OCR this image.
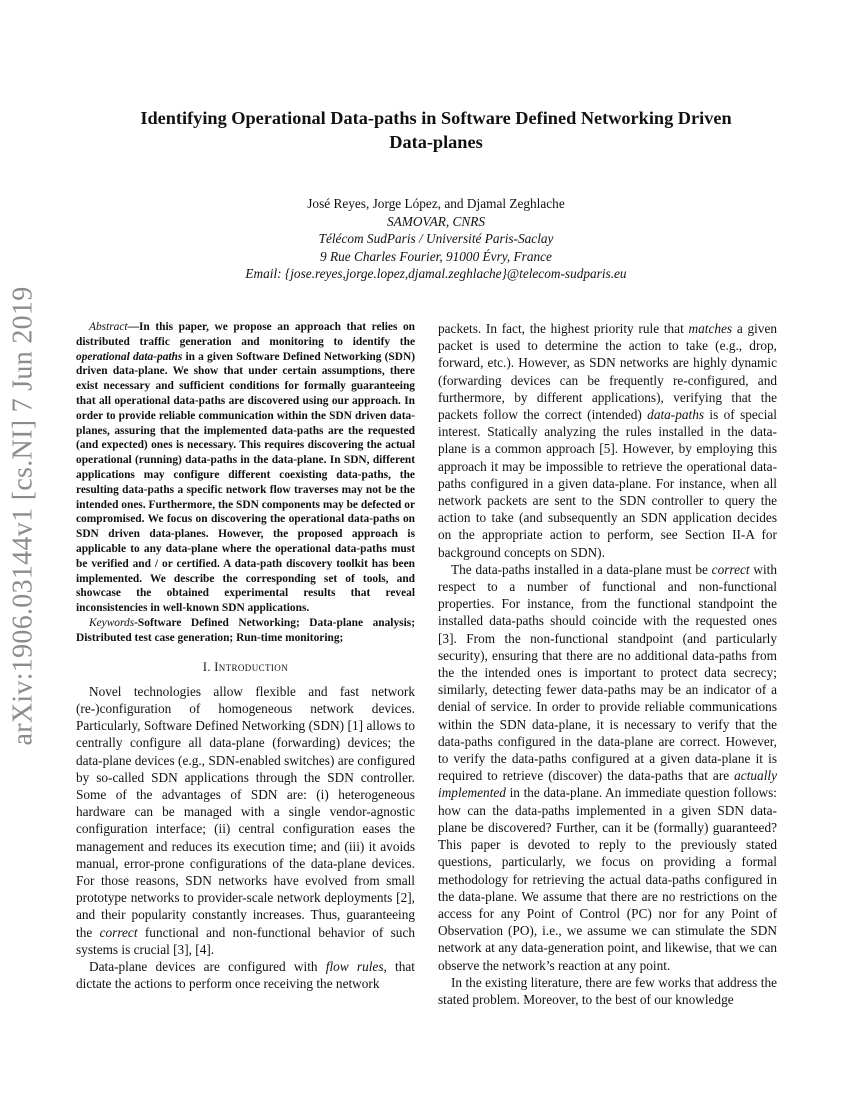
arXiv:1906.03144v1 [cs.NI] 7 Jun 2019
Identifying Operational Data-paths in Software Defined Networking Driven
Data-planes
José Reyes, Jorge López, and Djamal Zeghlache
SAMOVAR, CNRS
Télécom SudParis / Université Paris-Saclay
9 Rue Charles Fourier, 91000 Évry, France
Email: {jose.reyes,jorge.lopez,djamal.zeghlache}@telecom-sudparis.eu

Abstract—In this paper, we propose an approach that relies on distributed traffic generation and monitoring to identify the operational data-paths in a given Software Defined Networking (SDN) driven data-plane. We show that under certain assumptions, there exist necessary and sufficient conditions for formally guaranteeing that all operational data-paths are discovered using our approach. In order to provide reliable communication within the SDN driven data-planes, assuring that the implemented data-paths are the requested (and expected) ones is necessary. This requires discovering the actual operational (running) data-paths in the data-plane. In SDN, different applications may configure different coexisting data-paths, the resulting data-paths a specific network flow traverses may not be the intended ones. Furthermore, the SDN components may be defected or compromised. We focus on discovering the operational data-paths on SDN driven data-planes. However, the proposed approach is applicable to any data-plane where the operational data-paths must be verified and / or certified. A data-path discovery toolkit has been implemented. We describe the corresponding set of tools, and showcase the obtained experimental results that reveal inconsistencies in well-known SDN applications.

Keywords-Software Defined Networking; Data-plane analysis; Distributed test case generation; Run-time monitoring;

I. Introduction

Novel technologies allow flexible and fast network (re-)configuration of homogeneous network devices. Particularly, Software Defined Networking (SDN) [1] allows to centrally configure all data-plane (forwarding) devices; the data-plane devices (e.g., SDN-enabled switches) are configured by so-called SDN applications through the SDN controller. Some of the advantages of SDN are: (i) heterogeneous hardware can be managed with a single vendor-agnostic configuration interface; (ii) central configuration eases the management and reduces its execution time; and (iii) it avoids manual, error-prone configurations of the data-plane devices. For those reasons, SDN networks have evolved from small prototype networks to provider-scale network deployments [2], and their popularity constantly increases. Thus, guaranteeing the correct functional and non-functional behavior of such systems is crucial [3], [4].

Data-plane devices are configured with flow rules, that dictate the actions to perform once receiving the network

packets. In fact, the highest priority rule that matches a given packet is used to determine the action to take (e.g., drop, forward, etc.). However, as SDN networks are highly dynamic (forwarding devices can be frequently re-configured, and furthermore, by different applications), verifying that the packets follow the correct (intended) data-paths is of special interest. Statically analyzing the rules installed in the data-plane is a common approach [5]. However, by employing this approach it may be impossible to retrieve the operational data-paths configured in a given data-plane. For instance, when all network packets are sent to the SDN controller to query the action to take (and subsequently an SDN application decides on the appropriate action to perform, see Section II-A for background concepts on SDN).

The data-paths installed in a data-plane must be correct with respect to a number of functional and non-functional properties. For instance, from the functional standpoint the installed data-paths should coincide with the requested ones [3]. From the non-functional standpoint (and particularly security), ensuring that there are no additional data-paths from the the intended ones is important to protect data secrecy; similarly, detecting fewer data-paths may be an indicator of a denial of service. In order to provide reliable communications within the SDN data-plane, it is necessary to verify that the data-paths configured in the data-plane are correct. However, to verify the data-paths configured at a given data-plane it is required to retrieve (discover) the data-paths that are actually implemented in the data-plane. An immediate question follows: how can the data-paths implemented in a given SDN data-plane be discovered? Further, can it be (formally) guaranteed? This paper is devoted to reply to the previously stated questions, particularly, we focus on providing a formal methodology for retrieving the actual data-paths configured in the data-plane. We assume that there are no restrictions on the access for any Point of Control (PC) nor for any Point of Observation (PO), i.e., we assume we can stimulate the SDN network at any data-generation point, and likewise, that we can observe the network’s reaction at any point.

In the existing literature, there are few works that address the stated problem. Moreover, to the best of our knowledge
